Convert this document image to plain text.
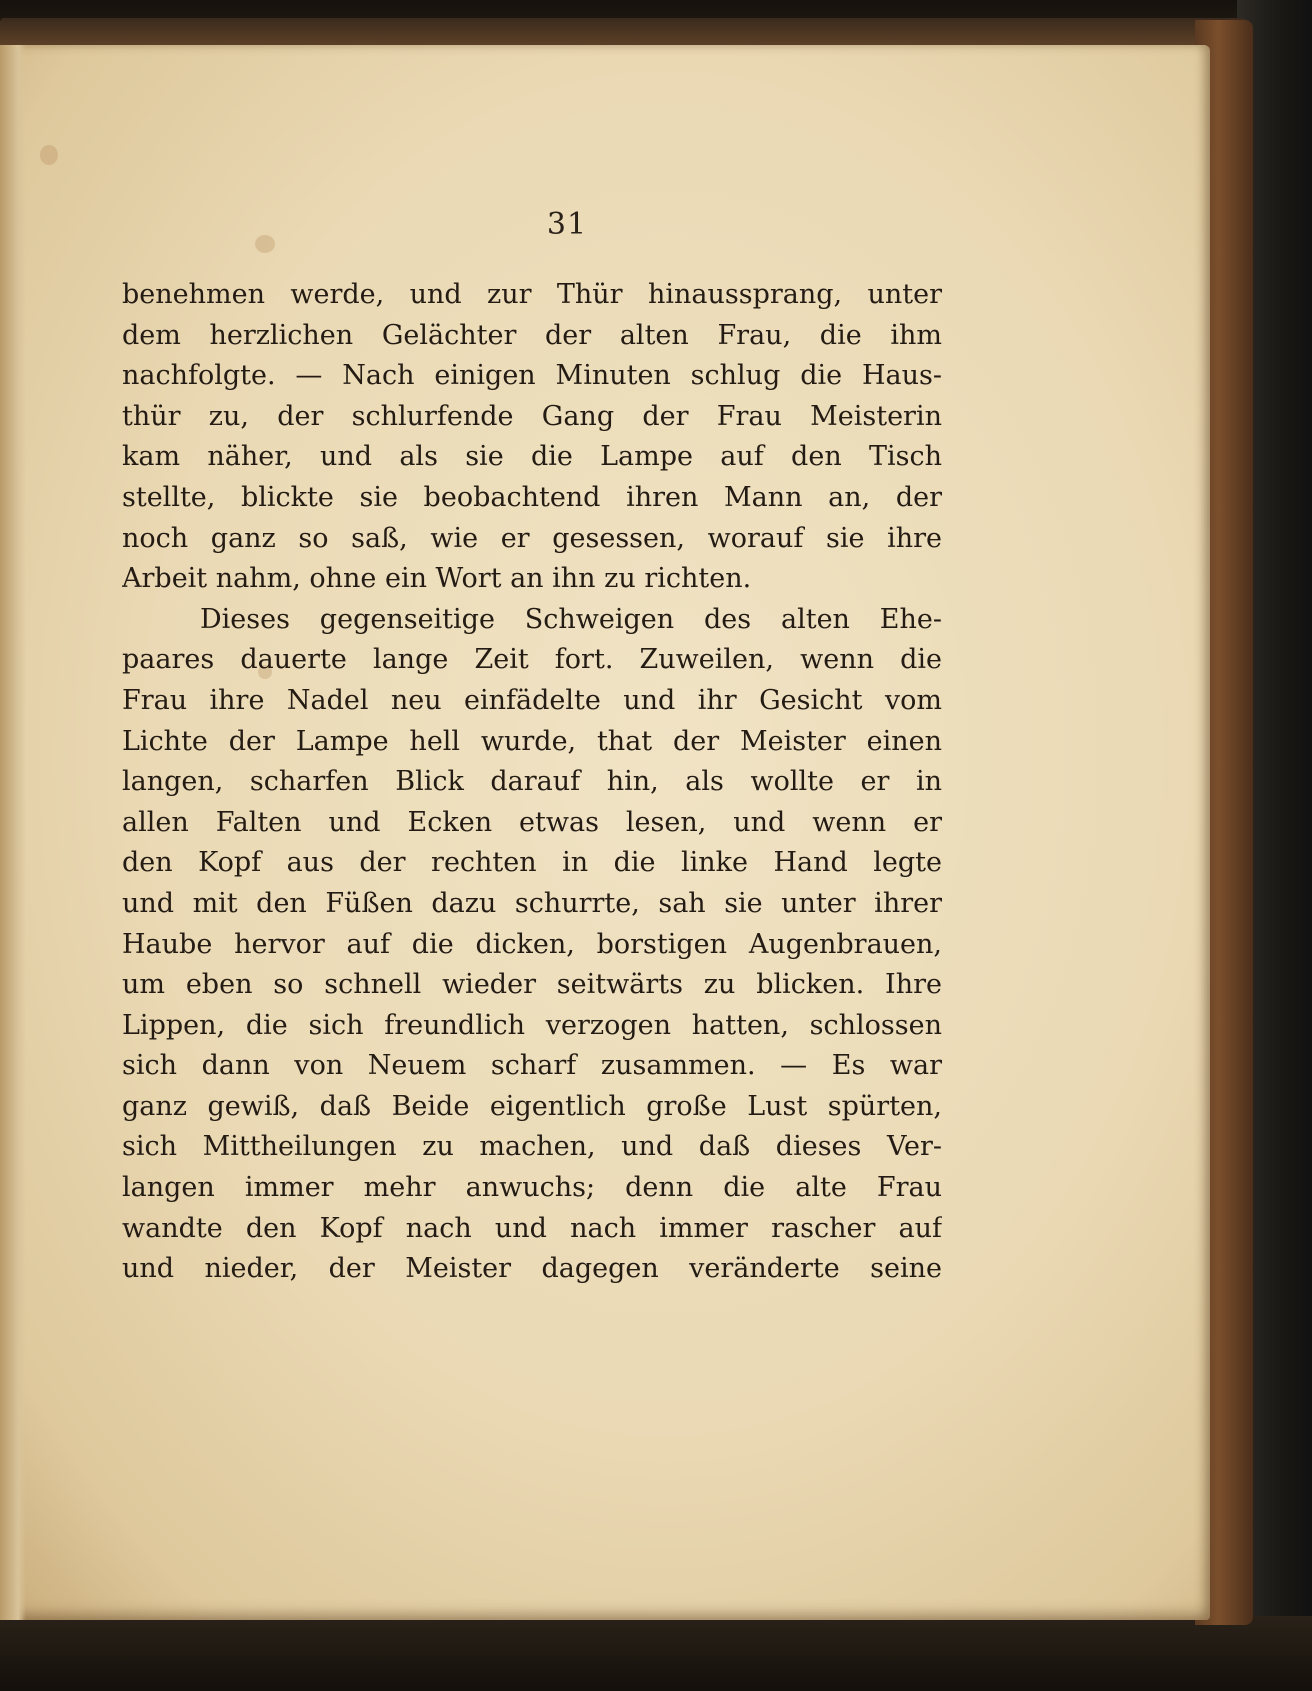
31
benehmen werde, und zur Thür hinaussprang, unter
dem herzlichen Gelächter der alten Frau, die ihm
nachfolgte. — Nach einigen Minuten schlug die Haus-
thür zu, der schlurfende Gang der Frau Meisterin
kam näher, und als sie die Lampe auf den Tisch
stellte, blickte sie beobachtend ihren Mann an, der
noch ganz so saß, wie er gesessen, worauf sie ihre
Arbeit nahm, ohne ein Wort an ihn zu richten.
Dieses gegenseitige Schweigen des alten Ehe-
paares dauerte lange Zeit fort. Zuweilen, wenn die
Frau ihre Nadel neu einfädelte und ihr Gesicht vom
Lichte der Lampe hell wurde, that der Meister einen
langen, scharfen Blick darauf hin, als wollte er in
allen Falten und Ecken etwas lesen, und wenn er
den Kopf aus der rechten in die linke Hand legte
und mit den Füßen dazu schurrte, sah sie unter ihrer
Haube hervor auf die dicken, borstigen Augenbrauen,
um eben so schnell wieder seitwärts zu blicken. Ihre
Lippen, die sich freundlich verzogen hatten, schlossen
sich dann von Neuem scharf zusammen. — Es war
ganz gewiß, daß Beide eigentlich große Lust spürten,
sich Mittheilungen zu machen, und daß dieses Ver-
langen immer mehr anwuchs; denn die alte Frau
wandte den Kopf nach und nach immer rascher auf
und nieder, der Meister dagegen veränderte seine
